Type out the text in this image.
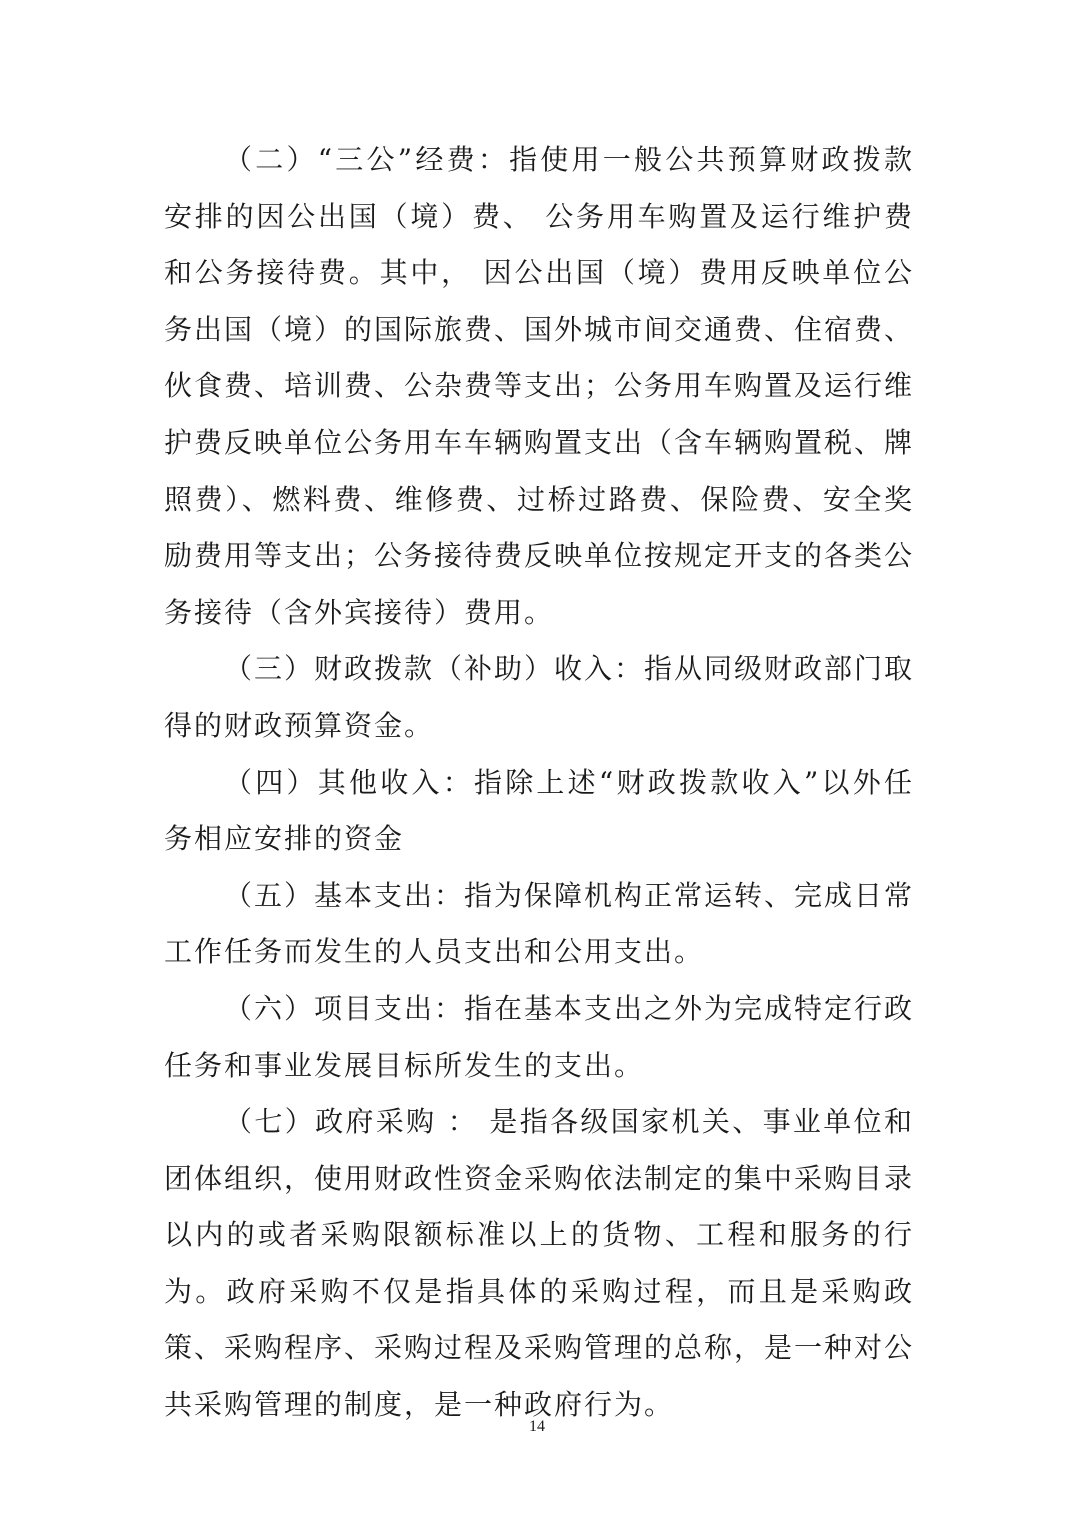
（二）“三公”经费：指使用一般公共预算财政拨款安排的因公出国（境）费、 公务用车购置及运行维护费和公务接待费。其中， 因公出国（境）费用反映单位公务出国（境）的国际旅费、国外城市间交通费、住宿费、伙食费、培训费、公杂费等支出；公务用车购置及运行维护费反映单位公务用车车辆购置支出（含车辆购置税、牌照费）、燃料费、维修费、过桥过路费、保险费、安全奖励费用等支出；公务接待费反映单位按规定开支的各类公务接待（含外宾接待）费用。

（三）财政拨款（补助）收入：指从同级财政部门取得的财政预算资金。

（四）其他收入：指除上述“财政拨款收入”以外任务相应安排的资金

（五）基本支出：指为保障机构正常运转、完成日常工作任务而发生的人员支出和公用支出。

（六）项目支出：指在基本支出之外为完成特定行政任务和事业发展目标所发生的支出。

（七）政府采购 ： 是指各级国家机关、事业单位和团体组织，使用财政性资金采购依法制定的集中采购目录以内的或者采购限额标准以上的货物、工程和服务的行为。政府采购不仅是指具体的采购过程，而且是采购政策、采购程序、采购过程及采购管理的总称，是一种对公共采购管理的制度，是一种政府行为。

14
